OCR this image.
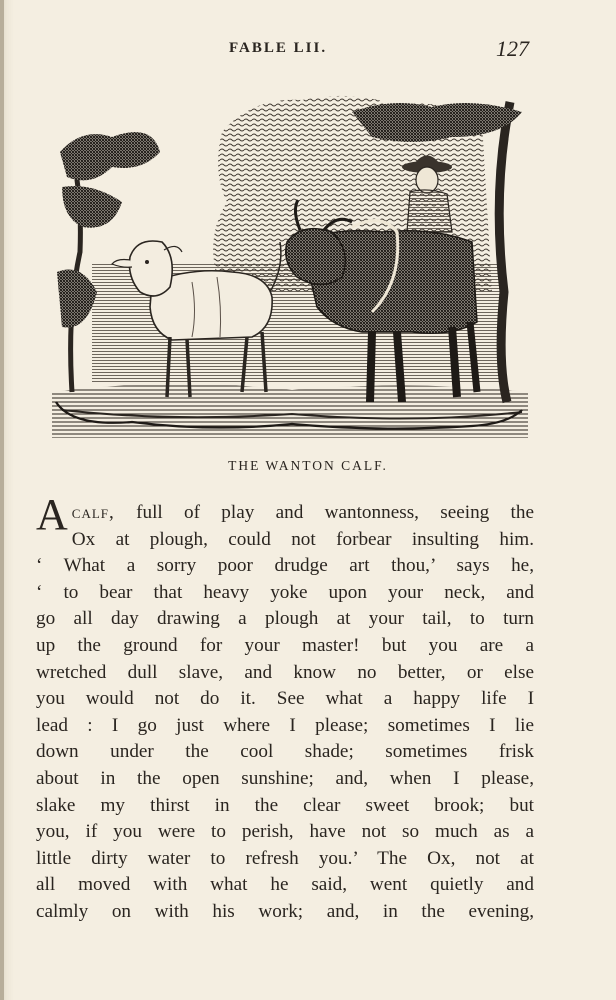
FABLE LII.	127
THE WANTON CALF.
A calf, full of play and wantonness, seeing the
Ox at plough, could not forbear insulting him.
‘ What a sorry poor drudge art thou,’ says he,
‘ to bear that heavy yoke upon your neck, and
go all day drawing a plough at your tail, to turn
up the ground for your master! but you are a
wretched dull slave, and know no better, or else
you would not do it. See what a happy life I
lead : I go just where I please; sometimes I lie
down under the cool shade; sometimes frisk
about in the open sunshine; and, when I please,
slake my thirst in the clear sweet brook; but
you, if you were to perish, have not so much as a
little dirty water to refresh you.’ The Ox, not at
all moved with what he said, went quietly and
calmly on with his work; and, in the evening,
